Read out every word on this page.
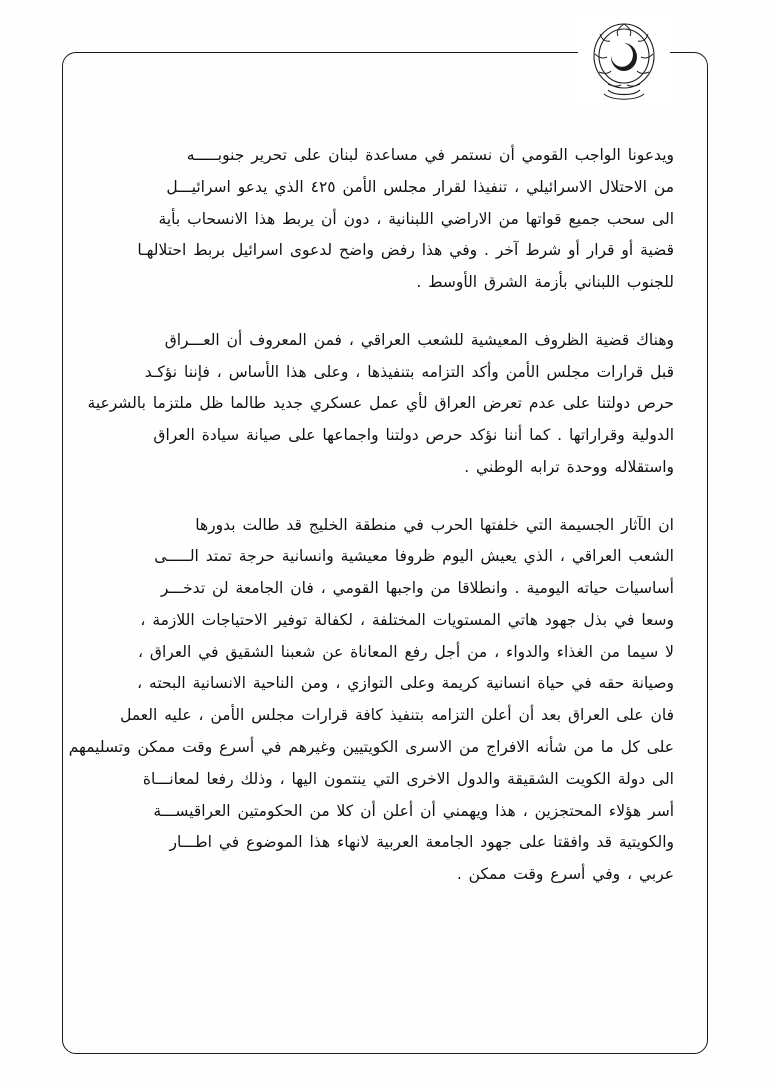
عربية

ويدعونا الواجب القومي أن نستمر في مساعدة لبنان على تحرير جنوبـــــه
من الاحتلال الاسرائيلي ، تنفيذا لقرار مجلس الأمن ٤٢٥ الذي يدعو اسرائيـــل
الى سحب جميع قواتها من الاراضي اللبنانية ، دون أن يربط هذا الانسحاب بأية
قضية أو قرار أو شرط آخر . وفي هذا رفض واضح لدعوى اسرائيل بربط احتلالهـا
للجنوب اللبناني بأزمة الشرق الأوسط .

وهناك قضية الظروف المعيشية للشعب العراقي ، فمن المعروف أن العـــراق
قبل قرارات مجلس الأمن وأكد التزامه بتنفيذها ، وعلى هذا الأساس ، فإننا نؤكـد
حرص دولتنا على عدم تعرض العراق لأي عمل عسكري جديد طالما ظل ملتزما بالشرعية
الدولية وقراراتها . كما أننا نؤكد حرص دولتنا واجماعها على صيانة سيادة العراق
واستقلاله ووحدة ترابه الوطني .

ان الآثار الجسيمة التي خلفتها الحرب في منطقة الخليج قد طالت بدورها
الشعب العراقي ، الذي يعيش اليوم ظروفا معيشية وانسانية حرجة تمتد الـــــى
أساسيات حياته اليومية . وانطلاقا من واجبها القومي ، فان الجامعة لن تدخـــر
وسعا في بذل جهود هاتي المستويات المختلفة ، لكفالة توفير الاحتياجات اللازمة ،
لا سيما من الغذاء والدواء ، من أجل رفع المعاناة عن شعبنا الشقيق في العراق ،
وصيانة حقه في حياة انسانية كريمة وعلى التوازي ، ومن الناحية الانسانية البحته ،
فان على العراق بعد أن أعلن التزامه بتنفيذ كافة قرارات مجلس الأمن ، عليه العمل
على كل ما من شأنه الافراج من الاسرى الكويتيين وغيرهم في أسرع وقت ممكن وتسليمهم
الى دولة الكويت الشقيقة والدول الاخرى التي ينتمون اليها ، وذلك رفعا لمعانـــاة
أسر هؤلاء المحتجزين ، هذا ويهمني أن أعلن أن كلا من الحكومتين العراقيســـة
والكويتية قد وافقتا على جهود الجامعة العربية لانهاء هذا الموضوع في اطـــار
عربي ، وفي أسرع وقت ممكن .
